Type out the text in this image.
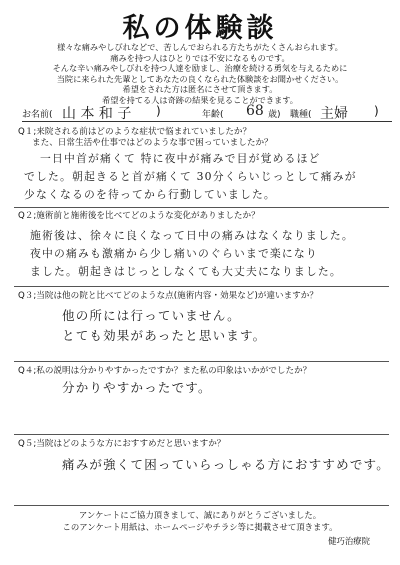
私の体験談
様々な痛みやしびれなどで、苦しんでおられる方たちがたくさんおられます。
痛みを持つ人はひとりでは不安になるものです。
そんな辛い痛みやしびれを持つ人達を励まし、治療を続ける勇気を与えるために
当院に来られた先輩としてあなたの良くなられた体験談をお聞かせください。
希望をされた方は匿名にさせて頂きます。
希望を持てる人は奇跡の結果を見ることができます。
お名前( 山 本 和 子 )	年齢( 68 歳) 職種( 主婦 )
Q１;来院される前はどのような症状で悩まれていましたか？
また、日常生活や仕事ではどのような事で困っていましたか？
一日中首が痛くて 特に夜中が痛みで目が覚めるほど
でした。朝起きると首が痛くて 30分くらいじっとして痛みが
少なくなるのを待ってから行動していました。
Q２;施術前と施術後を比べてどのような変化がありましたか？
施術後は、徐々に良くなって日中の痛みはなくなりました。
夜中の痛みも激痛から少し痛いのぐらいまで楽になり
ました。朝起きはじっとしなくても大丈夫になりました。
Q３;当院は他の院と比べてどのような点(施術内容・効果など)が違いますか？
他の所には行っていません。
とても効果があったと思います。
Q４;私の説明は分かりやすかったですか？また私の印象はいかがでしたか？
分かりやすかったです。
Q５;当院はどのような方におすすめだと思いますか？
痛みが強くて困っていらっしゃる方におすすめです。
アンケートにご協力頂きまして、誠にありがとうございました。
このアンケート用紙は、ホームページやチラシ等に掲載させて頂きます。
健巧治療院
